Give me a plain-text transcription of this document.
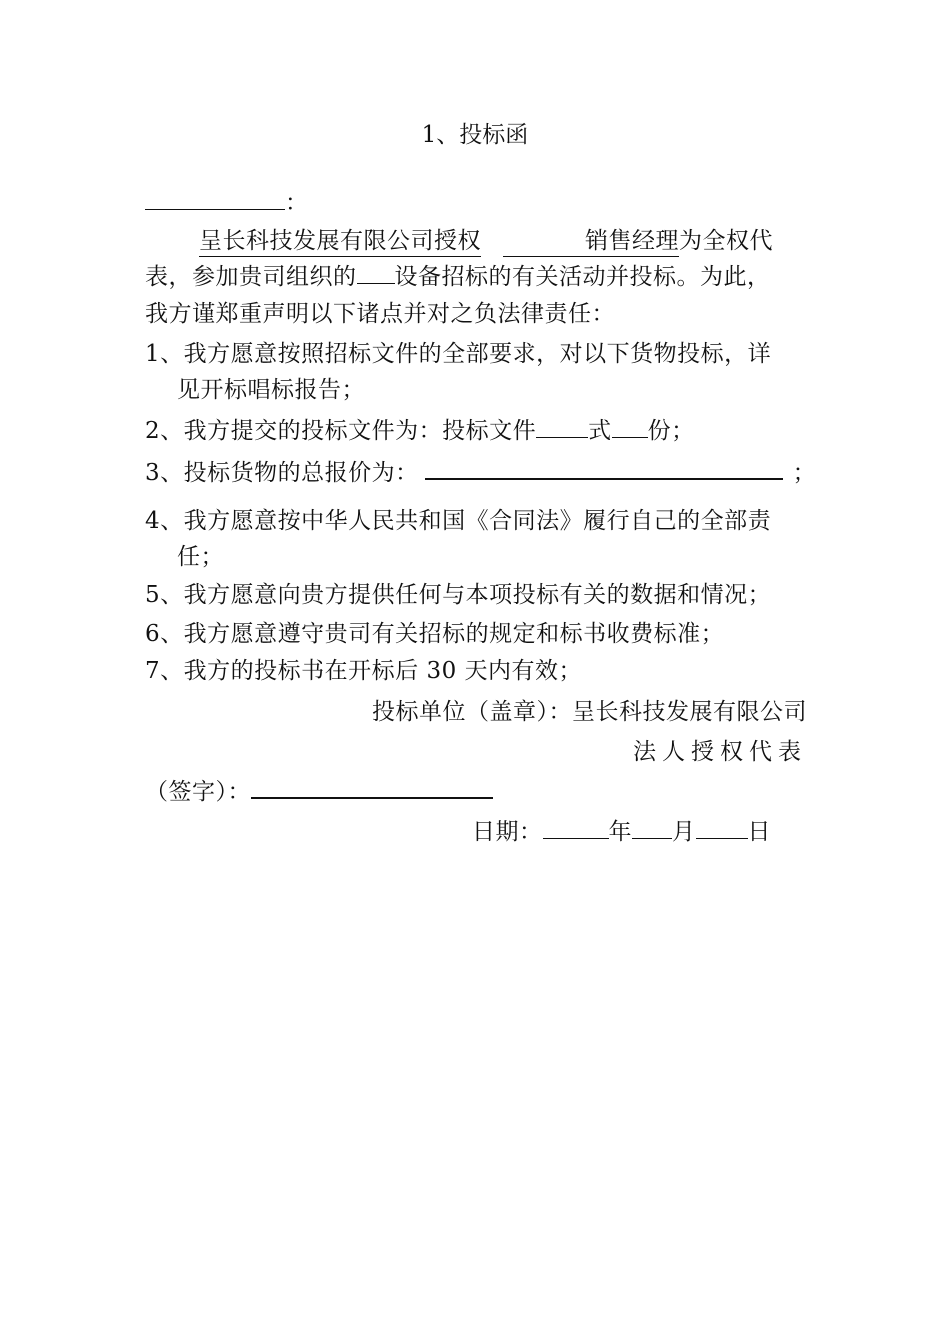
1、投标函
：
呈长科技发展有限公司授权	销售经理为全权代
表，参加贵司组织的 设备招标的有关活动并投标。为此，
我方谨郑重声明以下诸点并对之负法律责任：
1、我方愿意按照招标文件的全部要求，对以下货物投标，详
见开标唱标报告；
2、我方提交的投标文件为：投标文件 式 份；
3、投标货物的总报价为：	；
4、我方愿意按中华人民共和国《合同法》履行自己的全部责
任；
5、我方愿意向贵方提供任何与本项投标有关的数据和情况；
6、我方愿意遵守贵司有关招标的规定和标书收费标准；
7、我方的投标书在开标后 30 天内有效；
投标单位（盖章）：呈长科技发展有限公司
法人授权代表
（签字）：
日期：	年 月 日
